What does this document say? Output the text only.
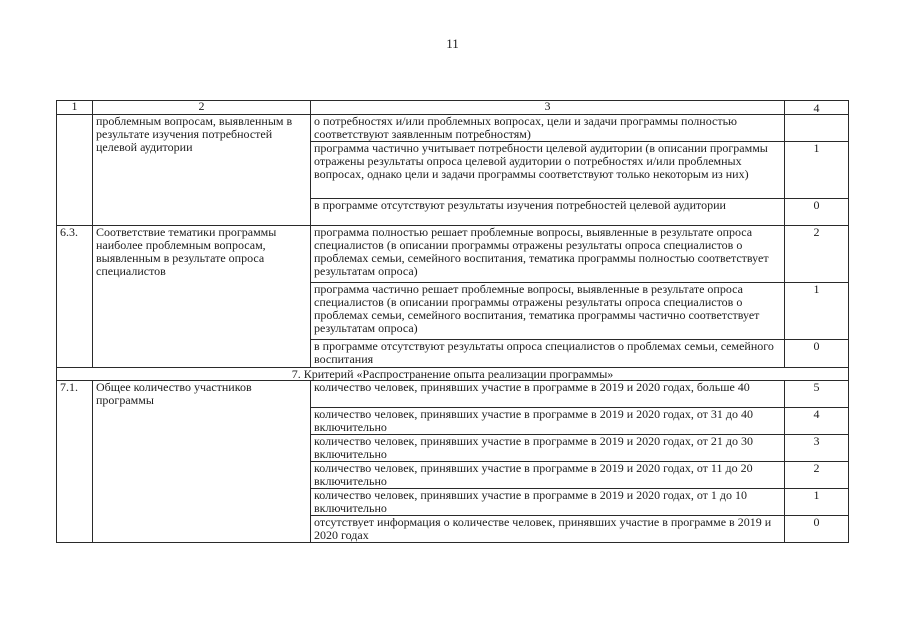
11
1	2	3	4
	проблемным вопросам, выявленным в результате изучения потребностей целевой аудитории	о потребностях и/или проблемных вопросах, цели и задачи программы полностью соответствуют заявленным потребностям)	
		программа частично учитывает потребности целевой аудитории (в описании программы отражены результаты опроса целевой аудитории о потребностях и/или проблемных вопросах, однако цели и задачи программы соответствуют только некоторым из них)	1
		в программе отсутствуют результаты изучения потребностей целевой аудитории	0
6.3.	Соответствие тематики программы наиболее проблемным вопросам, выявленным в результате опроса специалистов	программа полностью решает проблемные вопросы, выявленные в результате опроса специалистов (в описании программы отражены результаты опроса специалистов о проблемах семьи, семейного воспитания, тематика программы полностью соответствует результатам опроса)	2
		программа частично решает проблемные вопросы, выявленные в результате опроса специалистов (в описании программы отражены результаты опроса специалистов о проблемах семьи, семейного воспитания, тематика программы частично соответствует результатам опроса)	1
		в программе отсутствуют результаты опроса специалистов о проблемах семьи, семейного воспитания	0
7. Критерий «Распространение опыта реализации программы»			
7.1.	Общее количество участников программы	количество человек, принявших участие в программе в 2019 и 2020 годах, больше 40	5
		количество человек, принявших участие в программе в 2019 и 2020 годах, от 31 до 40 включительно	4
		количество человек, принявших участие в программе в 2019 и 2020 годах, от 21 до 30 включительно	3
		количество человек, принявших участие в программе в 2019 и 2020 годах, от 11 до 20 включительно	2
		количество человек, принявших участие в программе в 2019 и 2020 годах, от 1 до 10 включительно	1
		отсутствует информация о количестве человек, принявших участие в программе в 2019 и 2020 годах	0
